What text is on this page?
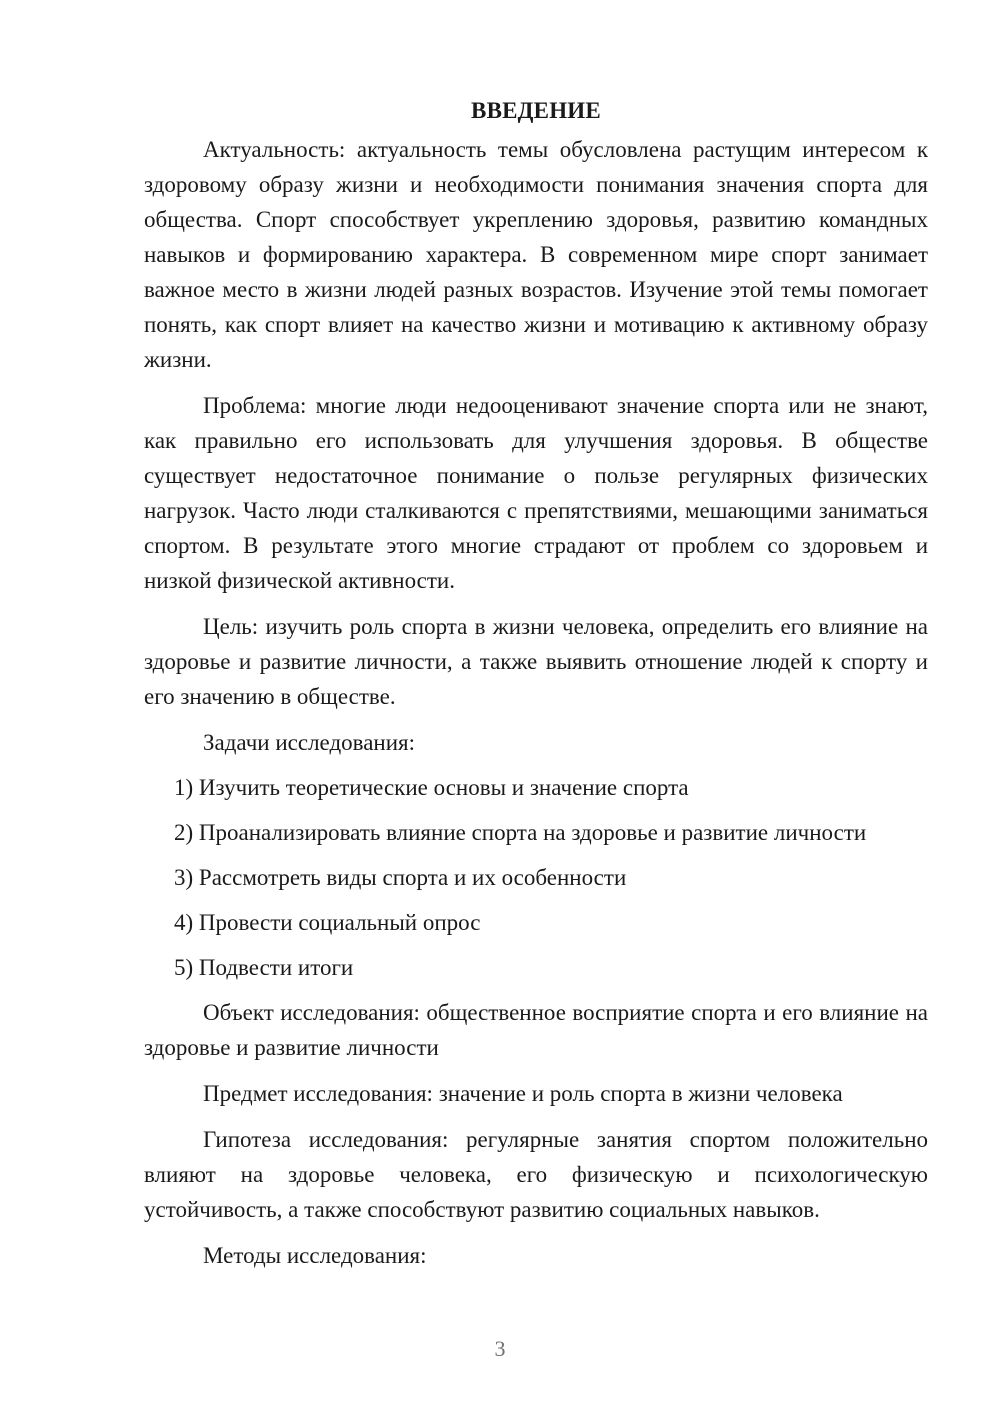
ВВЕДЕНИЕ

Актуальность: актуальность темы обусловлена растущим интересом к здоровому образу жизни и необходимости понимания значения спорта для общества. Спорт способствует укреплению здоровья, развитию командных навыков и формированию характера. В современном мире спорт занимает важное место в жизни людей разных возрастов. Изучение этой темы помогает понять, как спорт влияет на качество жизни и мотивацию к активному образу жизни.

Проблема: многие люди недооценивают значение спорта или не знают, как правильно его использовать для улучшения здоровья. В обществе существует недостаточное понимание о пользе регулярных физических нагрузок. Часто люди сталкиваются с препятствиями, мешающими заниматься спортом. В результате этого многие страдают от проблем со здоровьем и низкой физической активности.

Цель: изучить роль спорта в жизни человека, определить его влияние на здоровье и развитие личности, а также выявить отношение людей к спорту и его значению в обществе.

Задачи исследования:

1) Изучить теоретические основы и значение спорта
2) Проанализировать влияние спорта на здоровье и развитие личности
3) Рассмотреть виды спорта и их особенности
4) Провести социальный опрос
5) Подвести итоги

Объект исследования: общественное восприятие спорта и его влияние на здоровье и развитие личности

Предмет исследования: значение и роль спорта в жизни человека

Гипотеза исследования: регулярные занятия спортом положительно влияют на здоровье человека, его физическую и психологическую устойчивость, а также способствуют развитию социальных навыков.

Методы исследования:

3
